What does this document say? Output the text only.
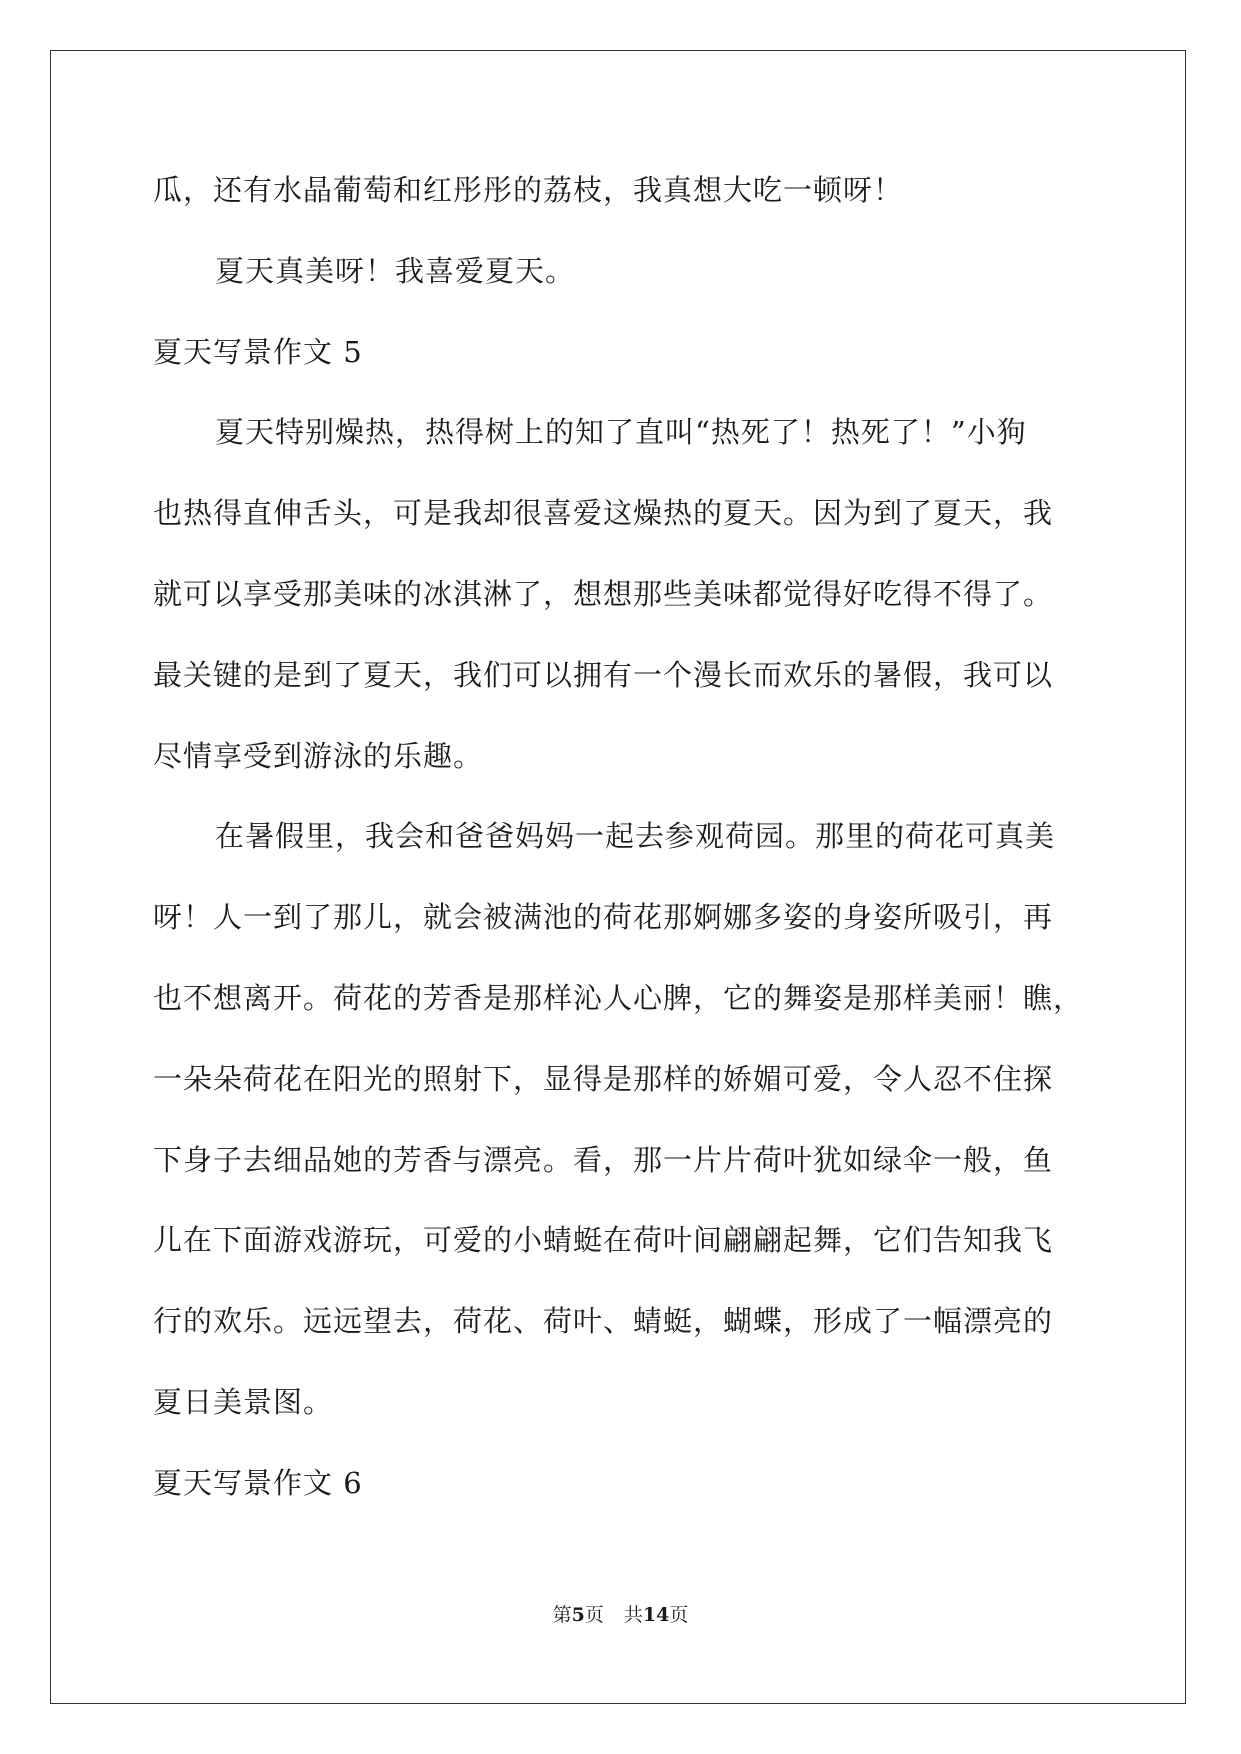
瓜，还有水晶葡萄和红彤彤的荔枝，我真想大吃一顿呀！
夏天真美呀！我喜爱夏天。
夏天写景作文 5
夏天特别燥热，热得树上的知了直叫“热死了！热死了！”小狗
也热得直伸舌头，可是我却很喜爱这燥热的夏天。因为到了夏天，我
就可以享受那美味的冰淇淋了，想想那些美味都觉得好吃得不得了。
最关键的是到了夏天，我们可以拥有一个漫长而欢乐的暑假，我可以
尽情享受到游泳的乐趣。
在暑假里，我会和爸爸妈妈一起去参观荷园。那里的荷花可真美
呀！人一到了那儿，就会被满池的荷花那婀娜多姿的身姿所吸引，再
也不想离开。荷花的芳香是那样沁人心脾，它的舞姿是那样美丽！瞧，
一朵朵荷花在阳光的照射下，显得是那样的娇媚可爱，令人忍不住探
下身子去细品她的芳香与漂亮。看，那一片片荷叶犹如绿伞一般，鱼
儿在下面游戏游玩，可爱的小蜻蜓在荷叶间翩翩起舞，它们告知我飞
行的欢乐。远远望去，荷花、荷叶、蜻蜓，蝴蝶，形成了一幅漂亮的
夏日美景图。
夏天写景作文 6
第5页 共14页
